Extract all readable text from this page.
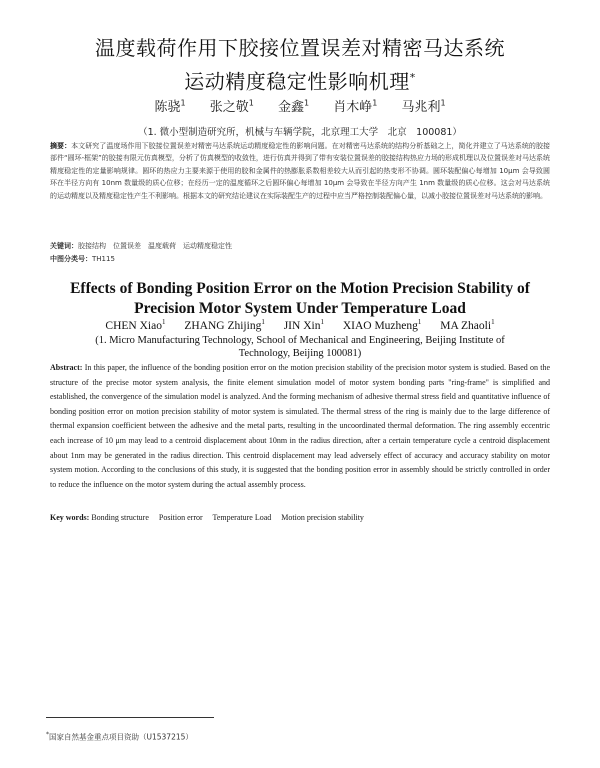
温度载荷作用下胶接位置误差对精密马达系统
运动精度稳定性影响机理*
陈骁$^1$ 张之敬$^1$ 金鑫$^1$ 肖木峥$^1$ 马兆利$^1$
（1. 微小型制造研究所，机械与车辆学院，北京理工大学　北京　100081）

摘要：本文研究了温度场作用下胶接位置误差对精密马达系统运动精度稳定性的影响问题。在对精密马达系统的结构分析基础之上，简化并建立了马达系统的胶接部件“圆环-框架”的胶接有限元仿真模型，分析了仿真模型的收敛性，进行仿真并得到了带有安装位置误差的胶接结构热应力场的形成机理以及位置误差对马达系统精度稳定性的定量影响规律。圆环的热应力主要来源于使用的胶和金属件的热膨胀系数相差较大从而引起的热变形不协调。圆环装配偏心每增加 10μm 会导致圆环在半径方向有 10nm 数量级的质心位移；在经历一定的温度循环之后圆环偏心每增加 10μm 会导致在半径方向产生 1nm 数量级的质心位移。这会对马达系统的运动精度以及精度稳定性产生不利影响。根据本文的研究结论建议在实际装配生产的过程中应当严格控制装配偏心量，以减小胶接位置误差对马达系统的影响。

关键词：胶接结构　位置误差　温度载荷　运动精度稳定性
中图分类号：TH115
Effects of Bonding Position Error on the Motion Precision Stability of
Precision Motor System Under Temperature Load
CHEN Xiao$^1$ ZHANG Zhijing$^1$ JIN Xin$^1$ XIAO Muzheng$^1$ MA Zhaoli$^1$
(1. Micro Manufacturing Technology, School of Mechanical and Engineering, Beijing Institute of Technology, Beijing 100081)

Abstract: In this paper, the influence of the bonding position error on the motion precision stability of the precision motor system is studied. Based on the structure of the precise motor system analysis, the finite element simulation model of motor system bonding parts "ring-frame" is simplified and established, the convergence of the simulation model is analyzed. And the forming mechanism of adhesive thermal stress field and quantitative influence of bonding position error on motion precision stability of motor system is simulated. The thermal stress of the ring is mainly due to the large difference of thermal expansion coefficient between the adhesive and the metal parts, resulting in the uncoordinated thermal deformation. The ring assembly eccentric each increase of 10 μm may lead to a centroid displacement about 10nm in the radius direction, after a certain temperature cycle a centroid displacement about 1nm may be generated in the radius direction. This centroid displacement may lead adversely effect of accuracy and accuracy stability on motor system motion. According to the conclusions of this study, it is suggested that the bonding position error in assembly should be strictly controlled in order to reduce the influence on the motor system during the actual assembly process.

Key words: Bonding structure Position error Temperature Load Motion precision stability
*国家自然基金重点项目资助（U1537215）
